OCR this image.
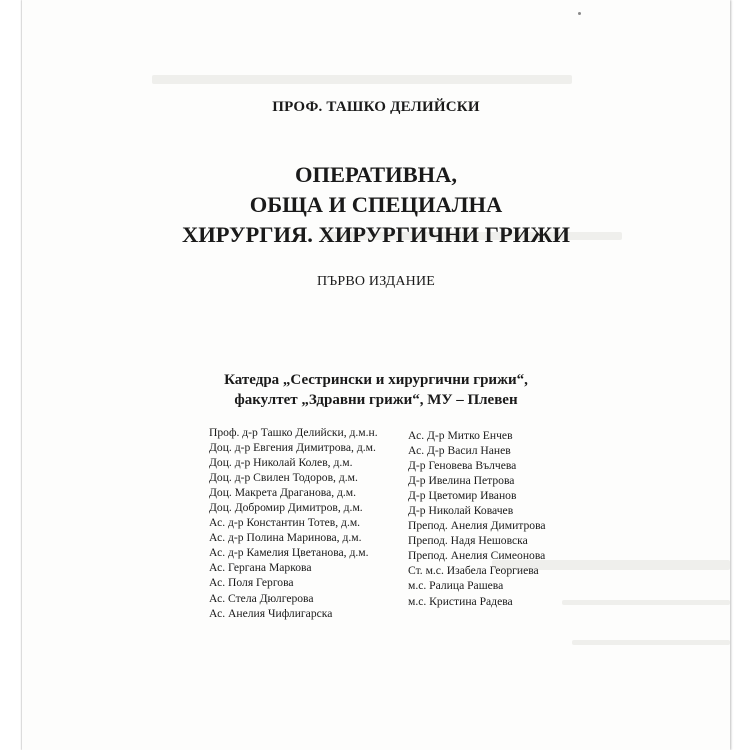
ПРОФ. ТАШКО ДЕЛИЙСКИ
ОПЕРАТИВНА,
ОБЩА И СПЕЦИАЛНА
ХИРУРГИЯ. ХИРУРГИЧНИ ГРИЖИ
ПЪРВО ИЗДАНИЕ
Катедра „Сестрински и хирургични грижи“,
факултет „Здравни грижи“, МУ – Плевен
Проф. д-р Ташко Делийски, д.м.н.
Доц. д-р Евгения Димитрова, д.м.
Доц. д-р Николай Колев, д.м.
Доц. д-р Свилен Тодоров, д.м.
Доц. Макрета Драганова, д.м.
Доц. Добромир Димитров, д.м.
Ас. д-р Константин Тотев, д.м.
Ас. д-р Полина Маринова, д.м.
Ас. д-р Камелия Цветанова, д.м.
Ас. Гергана Маркова
Ас. Поля Гергова
Ас. Стела Дюлгерова
Ас. Анелия Чифлигарска
Ас. Д-р Митко Енчев
Ас. Д-р Васил Нанев
Д-р Геновева Вълчева
Д-р Ивелина Петрова
Д-р Цветомир Иванов
Д-р Николай Ковачев
Препод. Анелия Димитрова
Препод. Надя Нешовска
Препод. Анелия Симеонова
Ст. м.с. Изабела Георгиева
м.с. Ралица Рашева
м.с. Кристина Радева
